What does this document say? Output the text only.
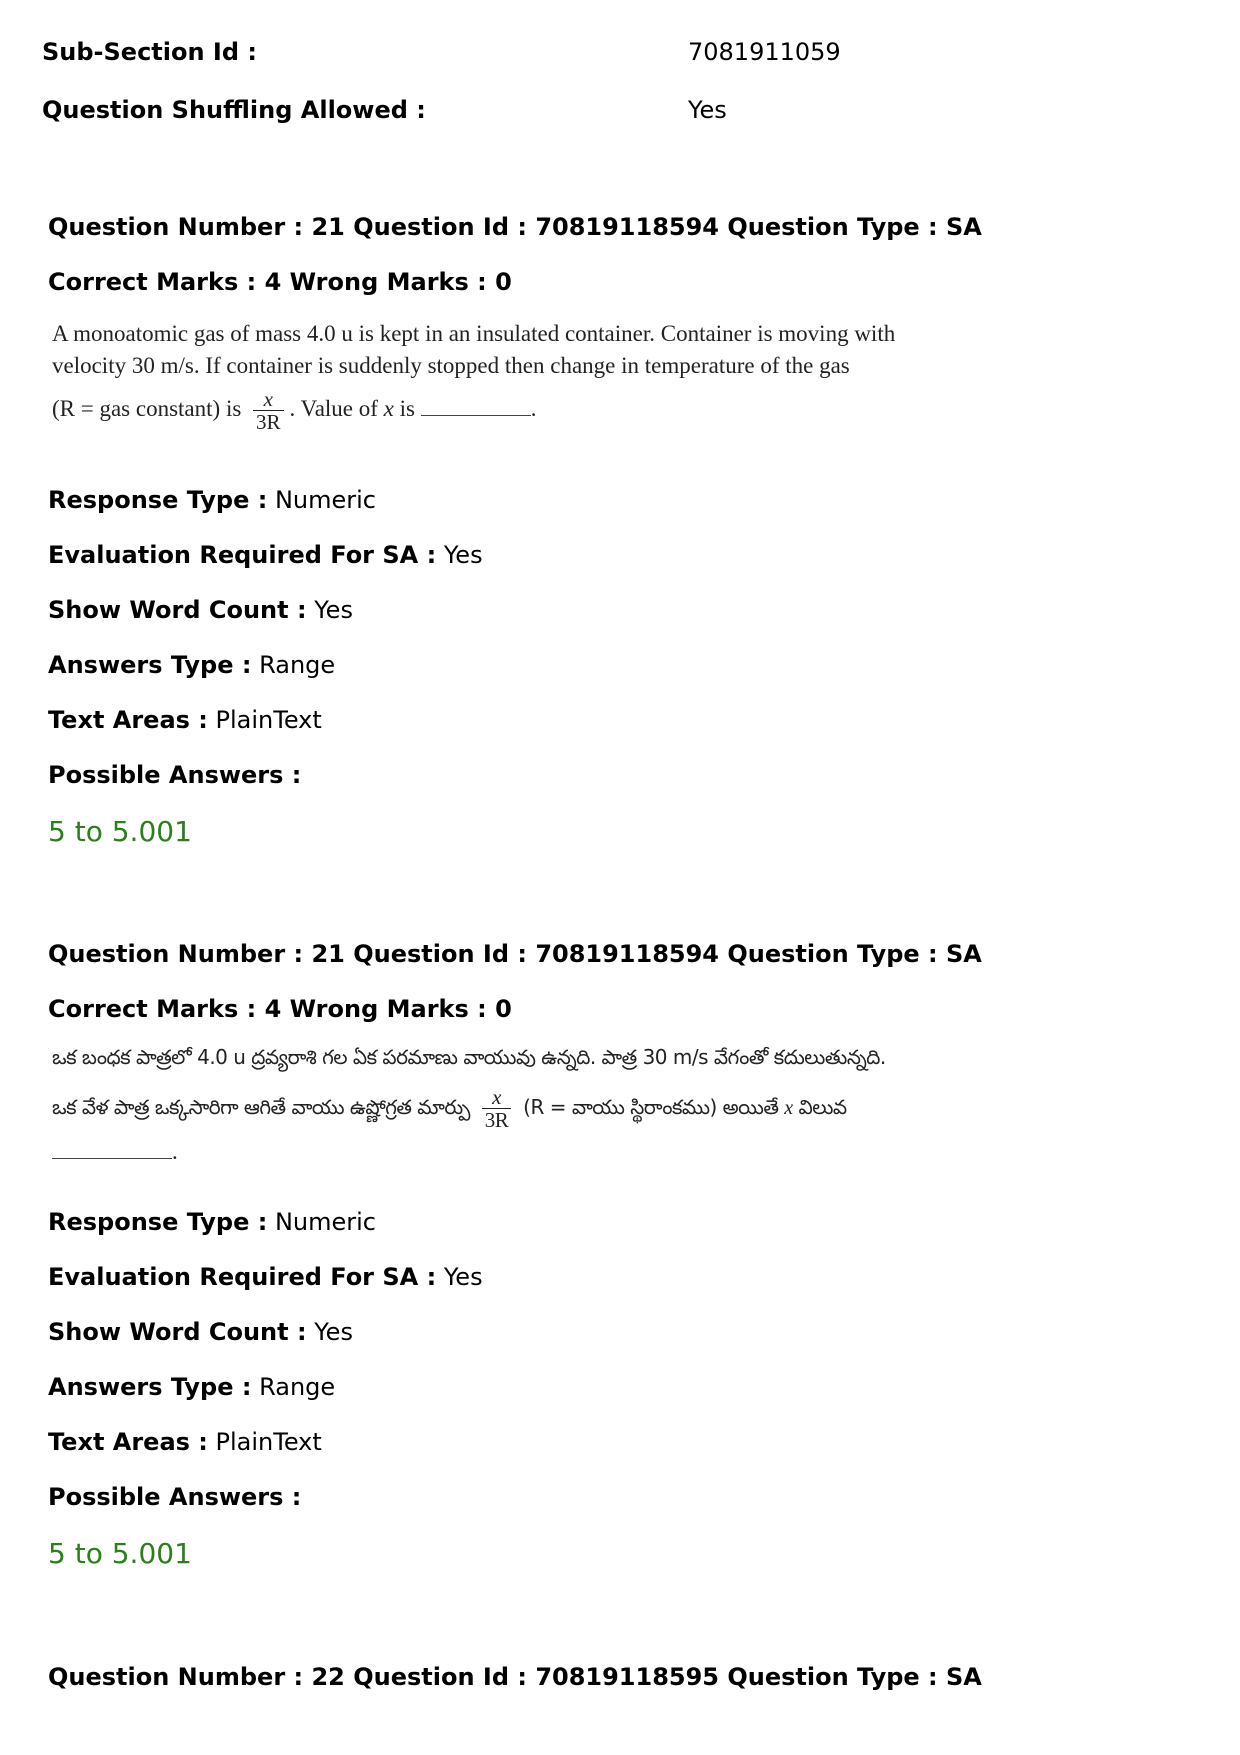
Sub-Section Id :	7081911059
Question Shuffling Allowed :	Yes
Question Number : 21 Question Id : 70819118594 Question Type : SA
Correct Marks : 4 Wrong Marks : 0
A monoatomic gas of mass 4.0 u is kept in an insulated container. Container is moving with
velocity 30 m/s. If container is suddenly stopped then change in temperature of the gas
(R = gas constant) is $\frac{x}{3R}$ . Value of x is	.
Response Type : Numeric
Evaluation Required For SA : Yes
Show Word Count : Yes
Answers Type : Range
Text Areas : PlainText
Possible Answers :
5 to 5.001
Question Number : 21 Question Id : 70819118594 Question Type : SA
Correct Marks : 4 Wrong Marks : 0
ఒక బంధక పాత్రలో 4.0 u ద్రవ్యరాశి గల ఏక పరమాణు వాయువు ఉన్నది. పాత్ర 30 m/s వేగంతో కదులుతున్నది.
ఒక వేళ పాత్ర ఒక్కసారిగా ఆగితే వాయు ఉష్ణోగ్రత మార్పు $\frac{x}{3R} (R$ = వాయు స్థిరాంకము) అయితే x విలువ
.
Response Type : Numeric
Evaluation Required For SA : Yes
Show Word Count : Yes
Answers Type : Range
Text Areas : PlainText
Possible Answers :
5 to 5.001
Question Number : 22 Question Id : 70819118595 Question Type : SA
